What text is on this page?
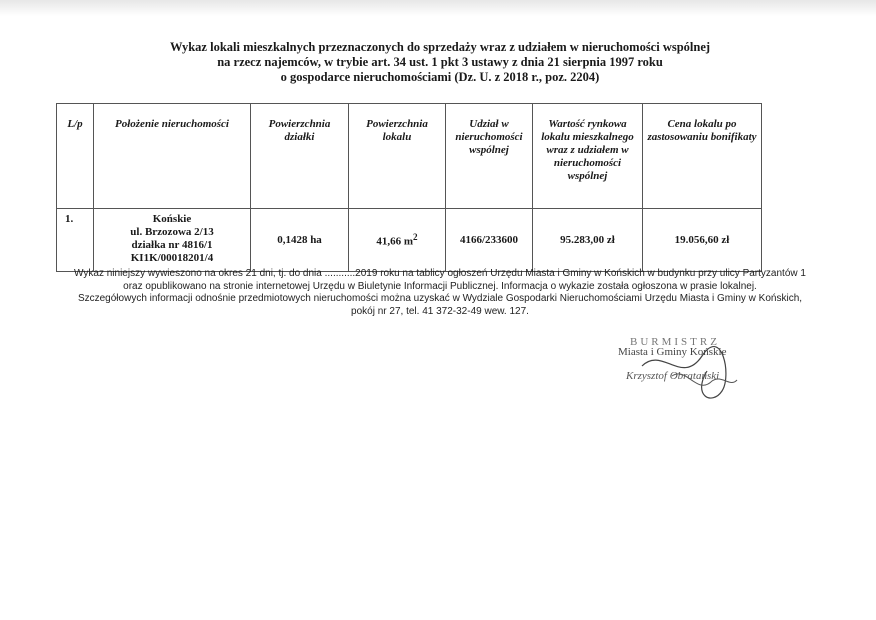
Wykaz lokali mieszkalnych przeznaczonych do sprzedaży wraz z udziałem w nieruchomości wspólnej
na rzecz najemców, w trybie art. 34 ust. 1 pkt 3 ustawy z dnia 21 sierpnia 1997 roku
o gospodarce nieruchomościami (Dz. U. z 2018 r., poz. 2204)
L/p	Położenie nieruchomości	Powierzchnia działki	Powierzchnia lokalu	Udział w nieruchomości wspólnej	Wartość rynkowa lokalu mieszkalnego wraz z udziałem w nieruchomości wspólnej	Cena lokalu po zastosowaniu bonifikaty
1.	Końskie
ul. Brzozowa 2/13
działka nr 4816/1
KI1K/00018201/4	0,1428 ha	41,66 $m^2$	4166/233600	95.283,00 zł	19.056,60 zł
Wykaz niniejszy wywieszono na okres 21 dni, tj. do dnia ...........2019 roku na tablicy ogłoszeń Urzędu Miasta i Gminy w Końskich w budynku przy ulicy Partyzantów 1
oraz opublikowano na stronie internetowej Urzędu w Biuletynie Informacji Publicznej. Informacja o wykazie została ogłoszona w prasie lokalnej.
Szczegółowych informacji odnośnie przedmiotowych nieruchomości można uzyskać w Wydziale Gospodarki Nieruchomościami Urzędu Miasta i Gminy w Końskich,
pokój nr 27, tel. 41 372-32-49 wew. 127.
BURMISTRZ
Miasta i Gminy Końskie
Krzysztof Obratański
